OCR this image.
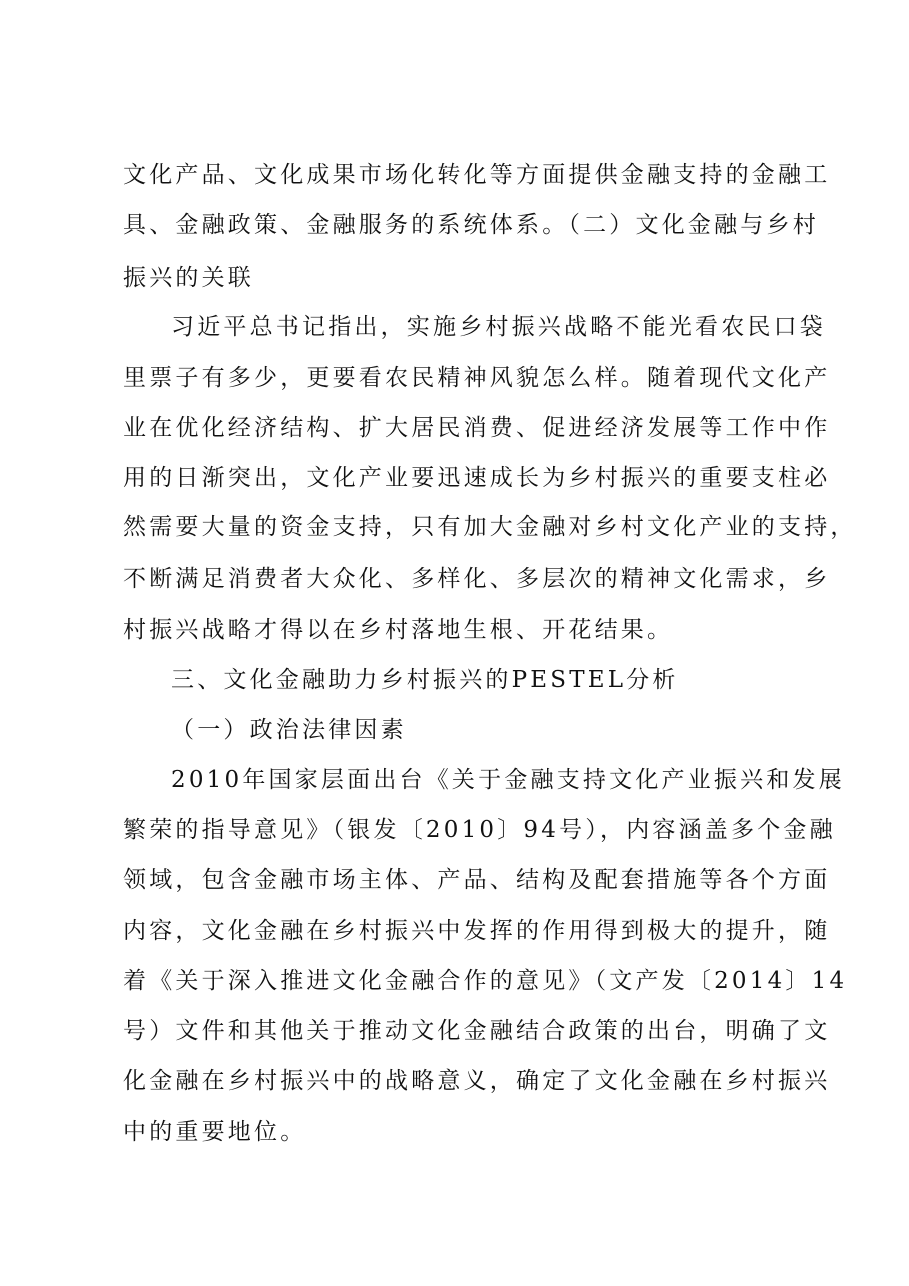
文化产品、文化成果市场化转化等方面提供金融支持的金融工
具、金融政策、金融服务的系统体系。（二）文化金融与乡村
振兴的关联
习近平总书记指出，实施乡村振兴战略不能光看农民口袋
里票子有多少，更要看农民精神风貌怎么样。随着现代文化产
业在优化经济结构、扩大居民消费、促进经济发展等工作中作
用的日渐突出，文化产业要迅速成长为乡村振兴的重要支柱必
然需要大量的资金支持，只有加大金融对乡村文化产业的支持，
不断满足消费者大众化、多样化、多层次的精神文化需求，乡
村振兴战略才得以在乡村落地生根、开花结果。
三、文化金融助力乡村振兴的PESTEL分析
（一）政治法律因素
2010年国家层面出台《关于金融支持文化产业振兴和发展
繁荣的指导意见》（银发〔2010〕94号），内容涵盖多个金融
领域，包含金融市场主体、产品、结构及配套措施等各个方面
内容，文化金融在乡村振兴中发挥的作用得到极大的提升，随
着《关于深入推进文化金融合作的意见》（文产发〔2014〕14
号）文件和其他关于推动文化金融结合政策的出台，明确了文
化金融在乡村振兴中的战略意义，确定了文化金融在乡村振兴
中的重要地位。
